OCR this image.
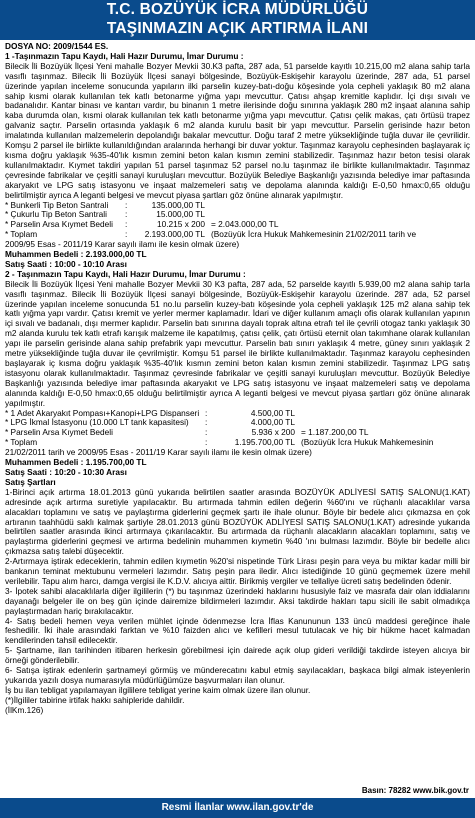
T.C. BOZÜYÜK İCRA MÜDÜRLÜĞÜ
TAŞINMAZIN AÇIK ARTIRMA İLANI

DOSYA NO: 2009/1544 ES.

1 -Taşınmazın Tapu Kaydı, Hali Hazır Durumu, İmar Durumu :

Bilecik İli Bozüyük İlçesi Yeni mahalle Bozyer Mevkii 30.K3 pafta, 287 ada, 51 parselde kayıtlı 10.215,00 m2 alana sahip tarla vasıflı taşınmaz. Bilecik İli Bozüyük İlçesi sanayi bölgesinde, Bozüyük-Eskişehir karayolu üzerinde, 287 ada, 51 parsel üzerinde yapılan inceleme sonucunda yapıların ilki parselin kuzey-batı-doğu köşesinde yola cepheli yaklaşık 80 m2 alana sahip kısmi olarak kullanılan tek katlı betonarme yığma yapı mevcuttur. Çatısı ahşap kremitle kaplıdır. İçi dışı sıvalı ve badanalıdır. Kantar binası ve kantarı vardır, bu binanın 1 metre ilerisinde doğu sınırına yaklaşık 280 m2 inşaat alanına sahip kaba durumda olan, kısmi olarak kullanılan tek katlı betonarme yığma yapı mevcuttur. Çatısı çelik makas, çatı örtüsü trapez galvaniz saçtır. Parselin ortasında yaklaşık 6 m2 alanda kurulu basit bir yapı mevcuttur. Parselin gerisinde hazır beton imalatında kullanılan malzemelerin depolandığı bakalar mevcuttur. Doğu taraf 2 metre yüksekliğinde tuğla duvar ile çevrilidir. Komşu 2 parsel ile birlikte kullanıldığından aralarında herhangi bir duvar yoktur. Taşınmaz karayolu cephesinden başlayarak iç kısma doğru yaklaşık %35-40'lık kısmın zemini beton kalan kısmın zemini stabilizedir. Taşınmaz hazır beton tesisi olarak kullanılmaktadır. Kıymet takdiri yapılan 51 parsel taşınmaz 52 parsel no.lu taşınmaz ile birlikte kullanılmaktadır. Taşınmaz çevresinde fabrikalar ve çeşitli sanayi kuruluşları mevcuttur. Bozüyük Belediye Başkanlığı yazısında belediye imar paftasında akaryakıt ve LPG satış istasyonu ve inşaat malzemeleri satış ve depolama alanında kaldığı E-0,50 hmax:0,65 olduğu belirtilmiştir ayrıca A leganti belgesi ve mevcut piyasa şartları göz önüne alınarak yapılmıştır.

* Bunkerli Tip Beton Santrali	:	135.000,00 TL
* Çukurlu Tip Beton Santrali	:	15.000,00 TL
* Parselin Arsa Kıymet Bedeli	:	10.215 x 200 = 2.043.000,00 TL
* Toplam	:	2.193.000,00 TL (Bozüyük İcra Hukuk Mahkemesinin 21/02/2011 tarih ve

2009/95 Esas - 2011/19 Karar sayılı ilamı ile kesin olmak üzere)

Muhammen Bedeli : 2.193.000,00 TL

Satış Saati : 10:00 - 10:10 Arası

2 - Taşınmazın Tapu Kaydı, Hali Hazır Durumu, İmar Durumu :

Bilecik İli Bozüyük İlçesi Yeni mahalle Bozyer Mevkii 30 K3 pafta, 287 ada, 52 parselde kayıtlı 5.939,00 m2 alana sahip tarla vasıflı taşınmaz. Bilecik İli Bozüyük İlçesi sanayi bölgesinde, Bozüyük-Eskişehir karayolu üzerinde. 287 ada, 52 parsel üzerinde yapılan inceleme sonucunda 51 no.lu parselin kuzey-batı köşesinde yola cepheli yaklaşık 125 m2 alana sahip tek katlı yığma yapı vardır. Çatısı kremit ve yerler mermer kaplamadır. İdari ve diğer kullanım amaçlı ofis olarak kullanılan yapının içi sıvalı ve badanalı, dışı mermer kaplıdır. Parselin batı sınırına dayalı toprak altına etrafı tel ile çevrili otogaz tankı yaklaşık 30 m2 alanda kurulu tek katlı etrafı karışık malzeme ile kapatılmış, çatısı çelik, çatı örtüsü eternit olan takımhane olarak kullanılan yapı ile parselin gerisinde alana sahip prefabrik yapı mevcuttur. Parselin batı sınırı yaklaşık 4 metre, güney sınırı yaklaşık 2 metre yüksekliğinde tuğla duvar ile çevrilmiştir. Komşu 51 parsel ile birlikte kullanılmaktadır. Taşınmaz karayolu cephesinden başlayarak iç kısma doğru yaklaşık %35-40'lık kısmın zemini beton kalan kısmın zemini stabilizedir. Taşınmaz LPG satış istasyonu olarak kullanılmaktadır. Taşınmaz çevresinde fabrikalar ve çeşitli sanayi kuruluşları mevcuttur. Bozüyük Belediye Başkanlığı yazısında belediye imar paftasında akaryakıt ve LPG satış istasyonu ve inşaat malzemeleri satış ve depolama alanında kaldığı E-0,50 hmax:0,65 olduğu belirtilmiştir ayrıca A leganti belgesi ve mevcut piyasa şartları göz önüne alınarak yapılmıştır.

* 1 Adet Akaryakıt Pompası+Kanopi+LPG Dispanseri :	4.500,00 TL
* LPG İkmal İstasyonu (10.000 LT tank kapasitesi)	:	4.000,00 TL
* Parselin Arsa Kıymet Bedeli	:	5.936 x 200 = 1.187.200,00 TL
* Toplam	:	1.195.700,00 TL (Bozüyük İcra Hukuk Mahkemesinin

21/02/2011 tarih ve 2009/95 Esas - 2011/19 Karar sayılı ilamı ile kesin olmak üzere)

Muhammen Bedeli : 1.195.700,00 TL

Satış Saati : 10:20 - 10:30 Arası

Satış Şartları

1-Birinci açık artırma 18.01.2013 günü yukarıda belirtilen saatler arasında BOZÜYÜK ADLİYESİ SATIŞ SALONU(1.KAT) adresinde açık artırma suretiyle yapılacaktır. Bu artırmada tahmin edilen değerin %60'ını ve rüçhanlı alacaklılar varsa alacakları toplamını ve satış ve paylaştırma giderlerini geçmek şartı ile ihale olunur. Böyle bir bedele alıcı çıkmazsa en çok artıranın taahhüdü saklı kalmak şartiyle 28.01.2013 günü BOZÜYÜK ADLİYESİ SATIŞ SALONU(1.KAT) adresinde yukarıda belirtilen saatler arasında ikinci artırmaya çıkarılacaktır. Bu artırmada da rüçhanlı alacakların alacakları toplamını, satış ve paylaştırma giderlerini geçmesi ve artırma bedelinin muhammen kıymetin %40 'ını bulması lazımdır. Böyle bir bedelle alıcı çıkmazsa satış talebi düşecektir.

2-Artırmaya iştirak edeceklerin, tahmin edilen kıymetin %20'si nispetinde Türk Lirası peşin para veya bu miktar kadar milli bir bankanın teminat mektubunu vermeleri lazımdır. Satış peşin para iledir. Alıcı istediğinde 10 günü geçmemek üzere mehil verilebilir. Tapu alım harcı, damga vergisi ile K.D.V. alıcıya aittir. Birikmiş vergiler ve tellaliye ücreti satış bedelinden ödenir.

3- İpotek sahibi alacaklılarla diğer ilgililerin (*) bu taşınmaz üzerindeki haklarını hususiyle faiz ve masrafa dair olan iddialarını dayanağı belgeler ile on beş gün içinde dairemize bildirmeleri lazımdır. Aksi takdirde hakları tapu sicili ile sabit olmadıkça paylaştırmadan hariç bırakılacaktır.

4- Satış bedeli hemen veya verilen mühlet içinde ödenmezse İcra İflas Kanununun 133 üncü maddesi gereğince ihale feshedilir. İki ihale arasındaki farktan ve %10 faizden alıcı ve kefilleri mesul tutulacak ve hiç bir hükme hacet kalmadan kendilerinden tahsil edilecektir.

5- Şartname, ilan tarihinden itibaren herkesin görebilmesi için dairede açık olup gideri verildiği takdirde isteyen alıcıya bir örneği gönderilebilir.

6- Satışa iştirak edenlerin şartnameyi görmüş ve münderecatını kabul etmiş sayılacakları, başkaca bilgi almak isteyenlerin yukarıda yazılı dosya numarasıyla müdürlüğümüze başvurmaları ilan olunur.

İş bu ilan tebligat yapılamayan ilgililere tebligat yerine kaim olmak üzere ilan olunur.

(*)İlgililer tabirine irtifak hakkı sahipleride dahildir.

(İlKm.126)

Basın: 78282 www.bik.gov.tr
Resmi İlanlar www.ilan.gov.tr'de
